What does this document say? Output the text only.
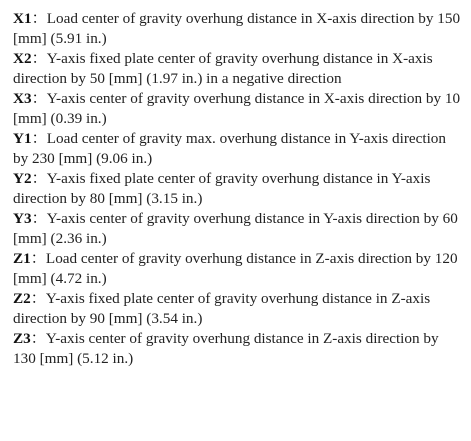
X1：Load center of gravity overhung distance in X-axis direction by 150 [mm] (5.91 in.)

X2：Y-axis fixed plate center of gravity overhung distance in X-axis direction by 50 [mm] (1.97 in.) in a negative direction

X3：Y-axis center of gravity overhung distance in X-axis direction by 10 [mm] (0.39 in.)

Y1：Load center of gravity max. overhung distance in Y-axis direction by 230 [mm] (9.06 in.)

Y2：Y-axis fixed plate center of gravity overhung distance in Y-axis direction by 80 [mm] (3.15 in.)

Y3：Y-axis center of gravity overhung distance in Y-axis direction by 60 [mm] (2.36 in.)

Z1：Load center of gravity overhung distance in Z-axis direction by 120 [mm] (4.72 in.)

Z2：Y-axis fixed plate center of gravity overhung distance in Z-axis direction by 90 [mm] (3.54 in.)

Z3：Y-axis center of gravity overhung distance in Z-axis direction by 130 [mm] (5.12 in.)
